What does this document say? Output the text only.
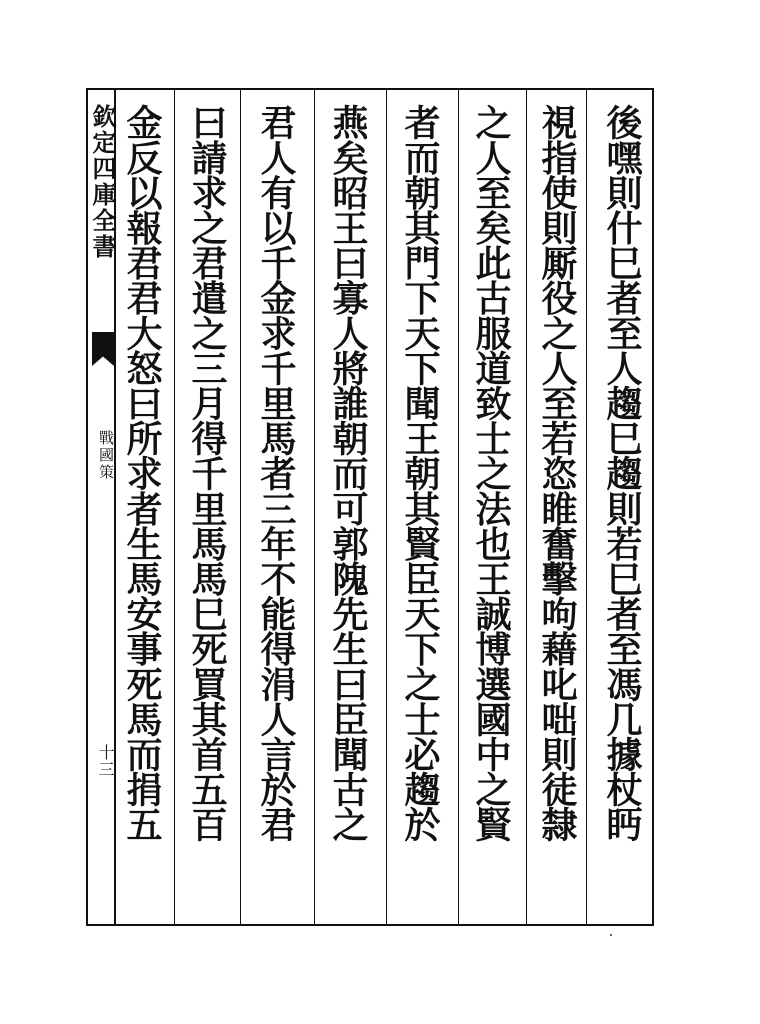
欽定四庫全書
戰國策
十三	後嘿則什巳者至人趨巳趨則若巳者至馮几據杖眄
視指使則厮役之人至若恣睢奮擊呴藉叱咄則徒隸
之人至矣此古服道致士之法也王誠博選國中之賢
者而朝其門下天下聞王朝其賢臣天下之士必趨於
燕矣昭王曰寡人將誰朝而可郭隗先生曰臣聞古之
君人有以千金求千里馬者三年不能得涓人言於君
曰請求之君遣之三月得千里馬馬巳死買其首五百
金反以報君君大怒曰所求者生馬安事死馬而捐五
